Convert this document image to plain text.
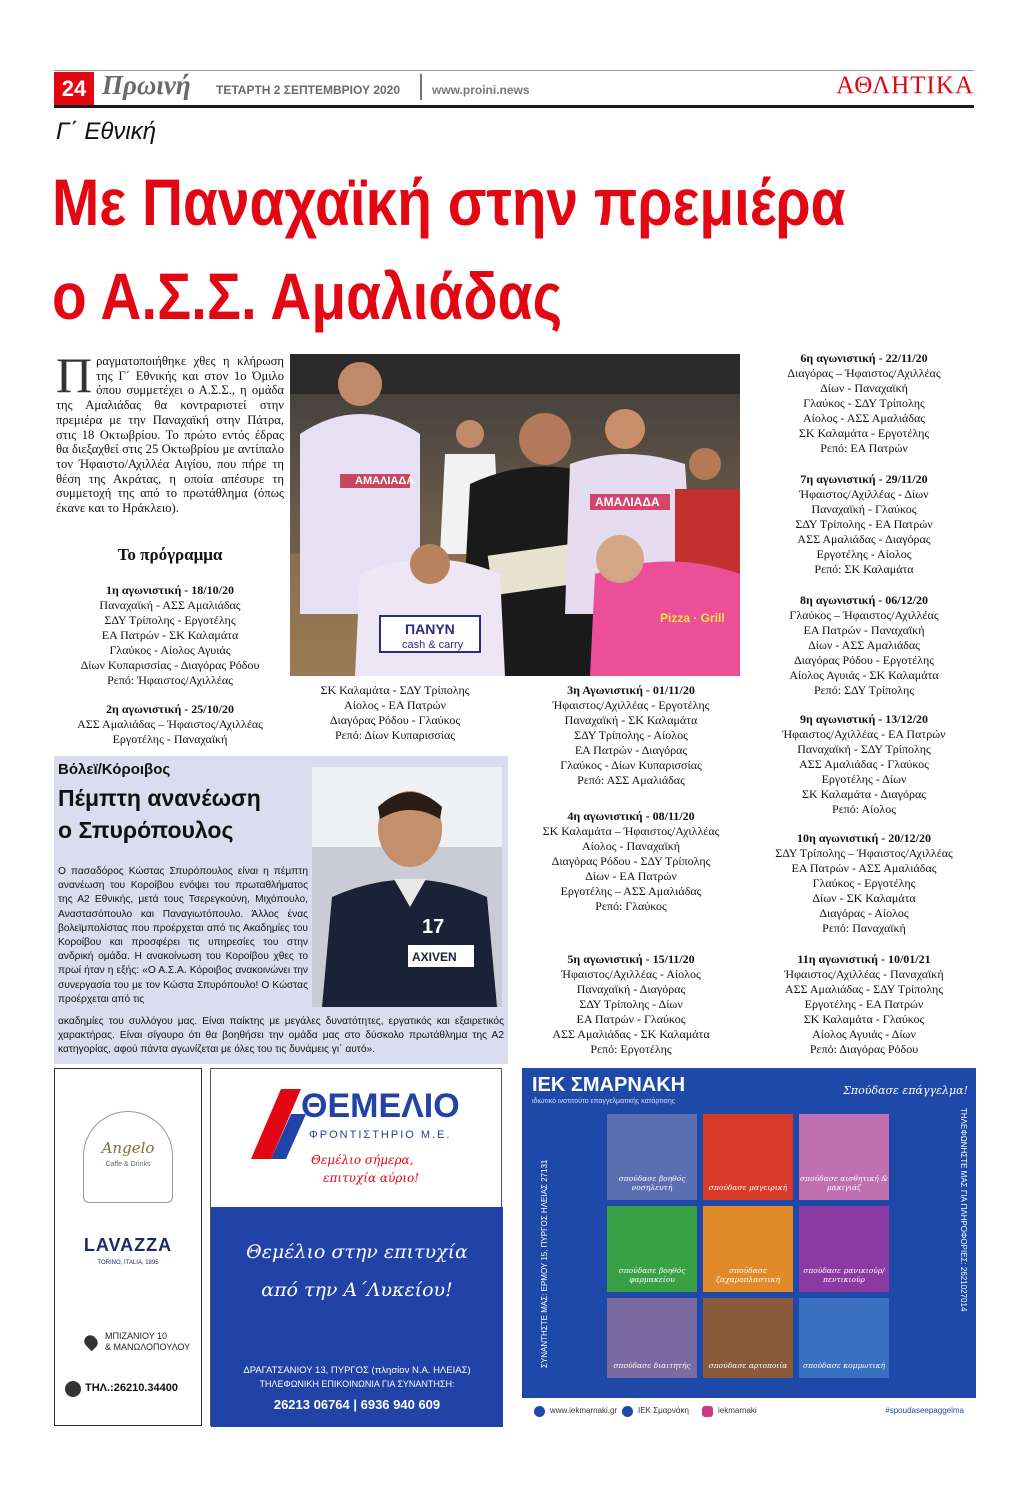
24 Πρωινή ΤΕΤΑΡΤΗ 2 ΣΕΠΤΕΜΒΡΙΟΥ 2020	www.proini.news	ΑΘΛΗΤΙΚΑ
Γ΄ Εθνική
Με Παναχαϊκή στην πρεμιέρα
ο Α.Σ.Σ. Αμαλιάδας
Π ραγματοποιήθηκε χθες η κλήρωση της Γ΄ Εθνικής και στον 1ο Όμιλο όπου συμμετέχει ο Α.Σ.Σ., η ομάδα της Αμαλιάδας θα κοντραριστεί στην πρεμιέρα με την Παναχαϊκή στην Πάτρα, στις 18 Οκτωβρίου. Το πρώτο εντός έδρας θα διεξαχθεί στις 25 Οκτωβρίου με αντίπαλο τον Ήφαιστο/Αχιλλέα Αιγίου, που πήρε τη θέση της Ακράτας, η οποία απέσυρε τη συμμετοχή της από το πρωτάθλημα (όπως έκανε και το Ηράκλειο).
Το πρόγραμμα
1η αγωνιστική - 18/10/20
Παναχαϊκή - ΑΣΣ Αμαλιάδας
ΣΔΥ Τρίπολης - Εργοτέλης
ΕΑ Πατρών - ΣΚ Καλαμάτα
Γλαύκος - Αίολος Αγυιάς
Δίων Κυπαρισσίας - Διαγόρας Ρόδου
Ρεπό: Ήφαιστος/Αχιλλέας
2η αγωνιστική - 25/10/20
ΑΣΣ Αμαλιάδας – Ήφαιστος/Αχιλλέας
Εργοτέλης - Παναχαϊκή
ΣΚ Καλαμάτα - ΣΔΥ Τρίπολης
Αίολος - ΕΑ Πατρών
Διαγόρας Ρόδου - Γλαύκος
Ρεπό: Δίων Κυπαρισσίας
3η Αγωνιστική - 01/11/20
Ήφαιστος/Αχιλλέας - Εργοτέλης
Παναχαϊκή - ΣΚ Καλαμάτα
ΣΔΥ Τρίπολης - Αίολος
ΕΑ Πατρών - Διαγόρας
Γλαύκος - Δίων Κυπαρισσίας
Ρεπό: ΑΣΣ Αμαλιάδας
4η αγωνιστική - 08/11/20
ΣΚ Καλαμάτα – Ήφαιστος/Αχιλλέας
Αίολος - Παναχαϊκή
Διαγόρας Ρόδου - ΣΔΥ Τρίπολης
Δίων - ΕΑ Πατρών
Εργοτέλης – ΑΣΣ Αμαλιάδας
Ρεπό: Γλαύκος
5η αγωνιστική - 15/11/20
Ήφαιστος/Αχιλλέας - Αίολος
Παναχαϊκή - Διαγόρας
ΣΔΥ Τρίπολης - Δίων
ΕΑ Πατρών - Γλαύκος
ΑΣΣ Αμαλιάδας - ΣΚ Καλαμάτα
Ρεπό: Εργοτέλης
6η αγωνιστική - 22/11/20
Διαγόρας – Ήφαιστος/Αχιλλέας
Δίων - Παναχαϊκή
Γλαύκος - ΣΔΥ Τρίπολης
Αίολος - ΑΣΣ Αμαλιάδας
ΣΚ Καλαμάτα - Εργοτέλης
Ρεπό: ΕΑ Πατρών
7η αγωνιστική - 29/11/20
Ήφαιστος/Αχιλλέας - Δίων
Παναχαϊκή - Γλαύκος
ΣΔΥ Τρίπολης - ΕΑ Πατρών
ΑΣΣ Αμαλιάδας - Διαγόρας
Εργοτέλης - Αίολος
Ρεπό: ΣΚ Καλαμάτα
8η αγωνιστική - 06/12/20
Γλαύκος – Ήφαιστος/Αχιλλέας
ΕΑ Πατρών - Παναχαϊκή
Δίων - ΑΣΣ Αμαλιάδας
Διαγόρας Ρόδου - Εργοτέλης
Αίολος Αγυιάς - ΣΚ Καλαμάτα
Ρεπό: ΣΔΥ Τρίπολης
9η αγωνιστική - 13/12/20
Ήφαιστος/Αχιλλέας - ΕΑ Πατρών
Παναχαϊκή - ΣΔΥ Τρίπολης
ΑΣΣ Αμαλιάδας - Γλαύκος
Εργοτέλης - Δίων
ΣΚ Καλαμάτα - Διαγόρας
Ρεπό: Αίολος
10η αγωνιστική - 20/12/20
ΣΔΥ Τρίπολης – Ήφαιστος/Αχιλλέας
ΕΑ Πατρών - ΑΣΣ Αμαλιάδας
Γλαύκος - Εργοτέλης
Δίων - ΣΚ Καλαμάτα
Διαγόρας - Αίολος
Ρεπό: Παναχαϊκή
11η αγωνιστική - 10/01/21
Ήφαιστος/Αχιλλέας - Παναχαϊκή
ΑΣΣ Αμαλιάδας - ΣΔΥ Τρίπολης
Εργοτέλης - ΕΑ Πατρών
ΣΚ Καλαμάτα - Γλαύκος
Αίολος Αγυιάς - Δίων
Ρεπό: Διαγόρας Ρόδου
ΑΜΑΛΙΑΔΑ
ΑΜΑΛΙΑΔΑ
ΠΑΝΥΝ
cash & carry
Pizza · Grill
Βόλεϊ/Κόροιβος
Πέμπτη ανανέωση
ο Σπυρόπουλος
17
AXIVEN
Ο πασαδόρος Κώστας Σπυρόπουλος είναι η πέμπτη ανανέωση του Κοροίβου ενόψει του πρωταθλήματος της Α2 Εθνικής, μετά τους Τσερεγκούνη, Μιχόπουλο, Αναστασόπουλο και Παναγιωτόπουλο. Άλλος ένας βολεϊμπολίστας που προέρχεται από τις Ακαδημίες του Κοροίβου και προσφέρει τις υπηρεσίες του στην ανδρική ομάδα. Η ανακοίνωση του Κοροίβου χθες το πρωί ήταν η εξής: «Ο Α.Σ.Α. Κόροιβος ανακοινώνει την συνεργασία του με τον Κώστα Σπυρόπουλο! Ο Κώστας προέρχεται από τις
ακαδημίες του συλλόγου μας. Είναι παίκτης με μεγάλες δυνατότητες, εργατικός και εξαιρετικός χαρακτήρας. Είναι σίγουρο ότι θα βοηθήσει την ομάδα μας στο δύσκολο πρωτάθλημα της Α2 κατηγορίας, αφού πάντα αγωνίζεται με όλες του τις δυνάμεις γι΄ αυτό».
Angelo
Caffe & Drinks
LAVAZZA
TORINO, ITALIA, 1895
ΜΠΙΖΑΝΙΟΥ 10
& ΜΑΝΩΛΟΠΟΥΛΟΥ
ΤΗΛ.:26210.34400
ΘΕΜΕΛΙΟ
ΦΡΟΝΤΙΣΤΗΡΙΟ Μ.Ε.
Θεμέλιο σήμερα,
επιτυχία αύριο!
Θεμέλιο στην επιτυχία
από την Α΄Λυκείου!
ΔΡΑΓΑΤΣΑΝΙΟΥ 13, ΠΥΡΓΟΣ (πλησίον Ν.Α. ΗΛΕΙΑΣ)
ΤΗΛΕΦΩΝΙΚΗ ΕΠΙΚΟΙΝΩΝΙΑ ΓΙΑ ΣΥΝΑΝΤΗΣΗ:
26213 06764 | 6936 940 609
ΙΕΚ ΣΜΑΡΝΑΚΗ
ιδιωτικό ινστιτούτο επαγγελματικής κατάρτισης
Σπούδασε επάγγελμα!
ΣΥΝΑΝΤΗΣΤΕ ΜΑΣ: ΕΡΜΟΥ 15, ΠΥΡΓΟΣ ΗΛΕΙΑΣ 27131	ΤΗΛΕΦΩΝΗΣΤΕ ΜΑΣ ΓΙΑ ΠΛΗΡΟΦΟΡΙΕΣ: 2621027014
σπούδασε βοηθός νοσηλευτή	σπούδασε μαγειρική
σπούδασε αισθητική & μακιγιάζ
σπούδασε βοηθός φαρμακείου
σπούδασε ζαχαροπλαστική
σπούδασε μανικιούρ/πεντικιούρ
σπούδασε διαιτητής	σπούδασε αρτοποιία	σπούδασε κομμωτική
www.iekmarnaki.gr	ΙΕΚ Σμαρνάκη	iekmarnaki	#spoudaseepaggelma
